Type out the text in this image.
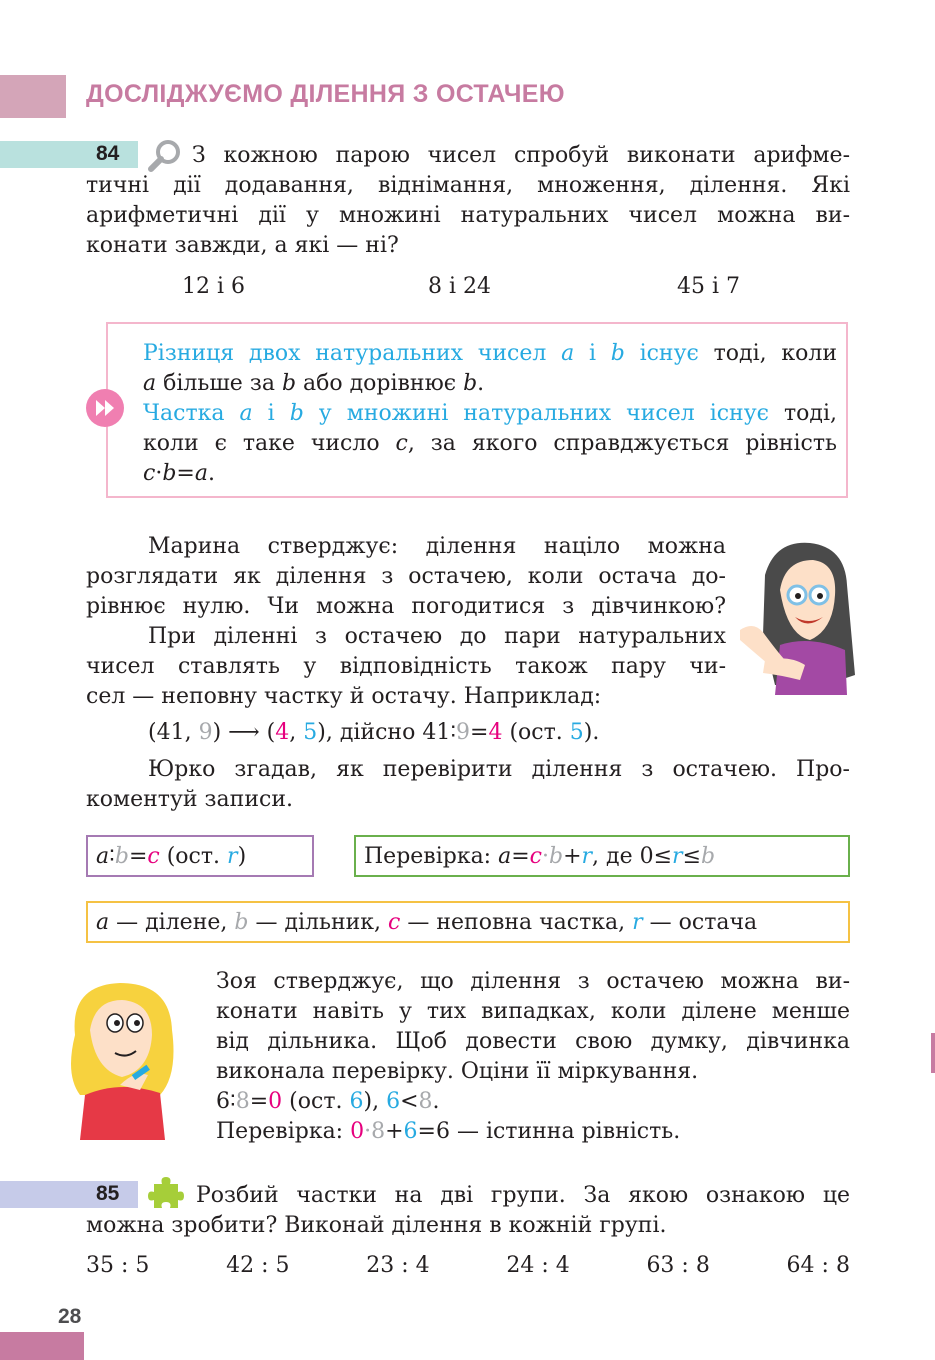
ДОСЛІДЖУЄМО ДІЛЕННЯ З ОСТАЧЕЮ
84	З кожною парою чисел спробуй виконати арифме-
тичні дії додавання, віднімання, множення, ділення. Які
арифметичні дії у множині натуральних чисел можна ви-
конати завжди, а які — ні?
12 і 6	8 і 24	45 і 7
Різниця двох натуральних чисел a і b існує тоді, коли
a більше за b або дорівнює b.
Частка a і b у множині натуральних чисел існує тоді,
коли є таке число c, за якого справджується рівність
c·b=a.
Марина стверджує: ділення націло можна
розглядати як ділення з остачею, коли остача до-
рівнює нулю. Чи можна погодитися з дівчинкою?
При діленні з остачею до пари натуральних
чисел ставлять у відповідність також пару чи-
сел — неповну частку й остачу. Наприклад:
(41, 9) ⟶ (4, 5), дійсно 41∶9=4 (ост. 5).
Юрко згадав, як перевірити ділення з остачею. Про-
коментуй записи.
a∶b=c (ост. r)	Перевірка: a=c·b+r, де 0≤r≤b
a — ділене, b — дільник, c — неповна частка, r — остача
Зоя стверджує, що ділення з остачею можна ви-
конати навіть у тих випадках, коли ділене менше
від дільника. Щоб довести свою думку, дівчинка
виконала перевірку. Оціни її міркування.
6∶8=0 (ост. 6), 6<8.
Перевірка: 0·8+6=6 — істинна рівність.
85	Розбий частки на дві групи. За якою ознакою це
можна зробити? Виконай ділення в кожній групі.
35 : 5	42 : 5	23 : 4	24 : 4	63 : 8	64 : 8
28
